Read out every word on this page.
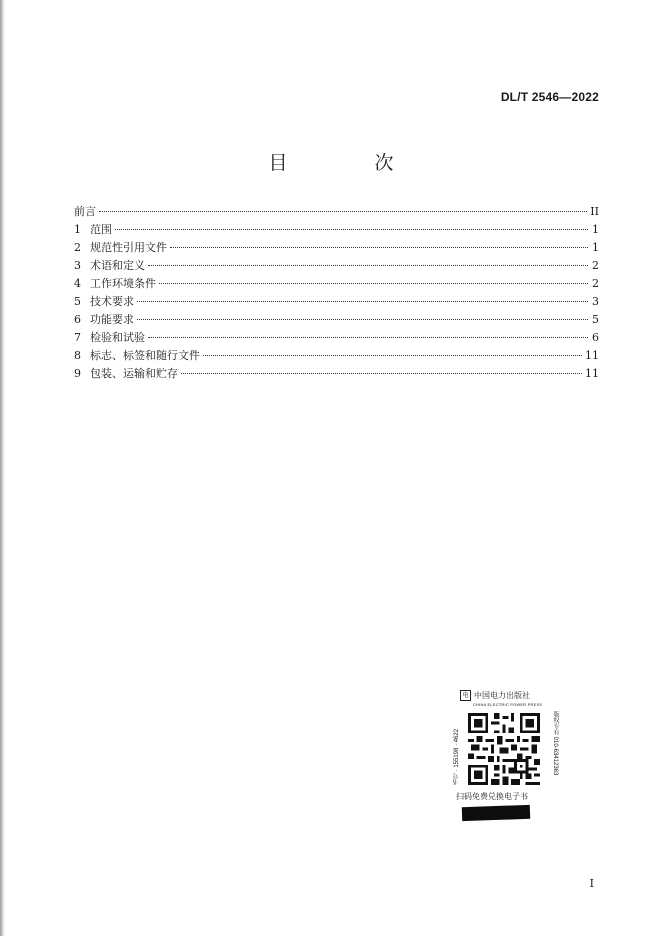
DL/T 2546—2022
目　次
前言	II
1 范围	1
2 规范性引用文件	1
3 术语和定义	2
4 工作环境条件	2
5 技术要求	3
6 功能要求	5
7 检验和试验	6
8 标志、标签和随行文件	11
9 包装、运输和贮存	11
电 中国电力出版社
CHINA ELECTRIC POWER PRESS
书号 · 155198 · 4622	版权专有 010-63412363
扫码免费兑换电子书
I
